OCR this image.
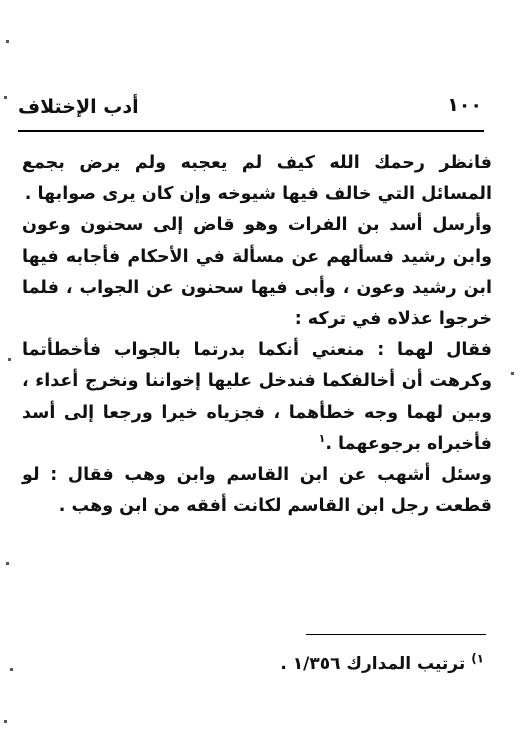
أدب الإختلاف	١٠٠

فانظر رحمك الله كيف لم يعجبه ولم يرض بجمع المسائل التي خالف فيها شيوخه وإن كان يرى صوابها .

وأرسل أسد بن الفرات وهو قاض إلى سحنون وعون وابن رشيد فسألهم عن مسألة في الأحكام فأجابه فيها ابن رشيد وعون ، وأبى فيها سحنون عن الجواب ، فلما خرجوا عذلاه في تركه :

فقال لهما : منعني أنكما بدرتما بالجواب فأخطأتما وكرهت أن أخالفكما فندخل عليها إخواننا ونخرج أعداء ، وبين لهما وجه خطأهما ، فجزياه خيرا ورجعا إلى أسد فأخبراه برجوعهما .$^١$

وسئل أشهب عن ابن القاسم وابن وهب فقال : لو قطعت رجل ابن القاسم لكانت أفقه من ابن وهب .

$^{١)}$ ترتيب المدارك ١/٣٥٦ .
